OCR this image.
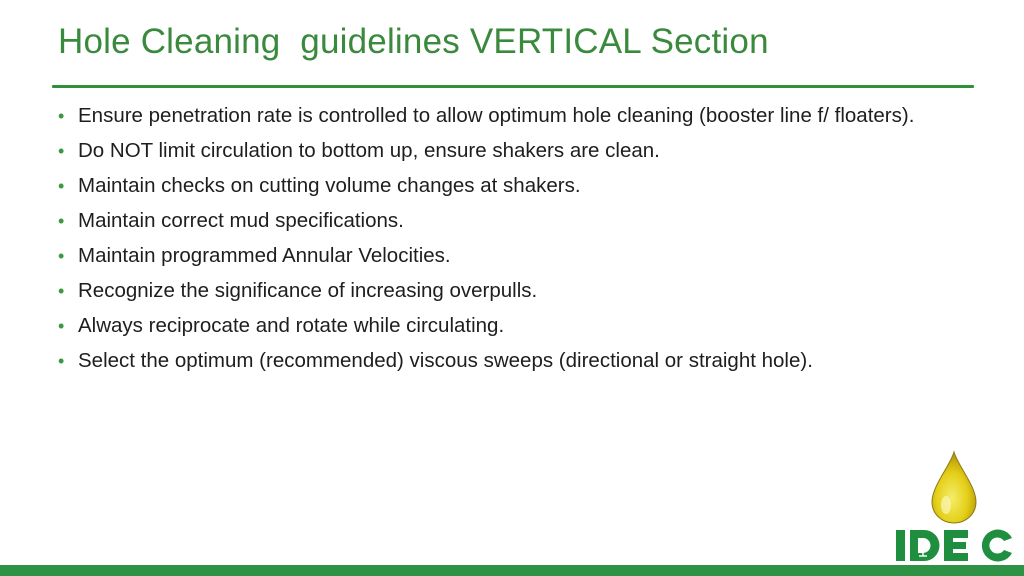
Hole Cleaning  guidelines VERTICAL Section
• Ensure penetration rate is controlled to allow optimum hole cleaning (booster line f/ floaters).
• Do NOT limit circulation to bottom up, ensure shakers are clean.
• Maintain checks on cutting volume changes at shakers.
• Maintain correct mud specifications.
• Maintain programmed Annular Velocities.
• Recognize the significance of increasing overpulls.
• Always reciprocate and rotate while circulating.
• Select the optimum (recommended) viscous sweeps (directional or straight hole).
